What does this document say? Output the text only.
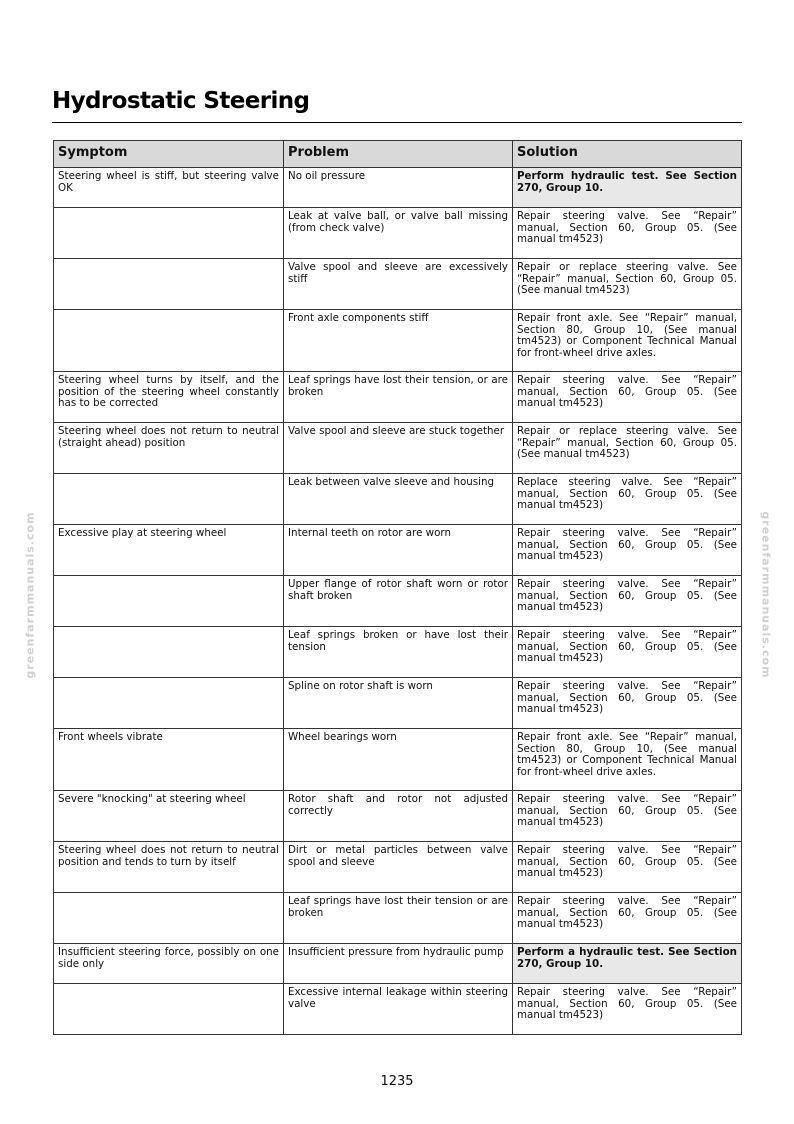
Hydrostatic Steering
greenfarmmanuals.com	greenfarmmanuals.com
Symptom	Problem	Solution
Steering wheel is stiff, but steering valve OK	No oil pressure	Perform hydraulic test. See Section 270, Group 10.
	Leak at valve ball, or valve ball missing (from check valve)	Repair steering valve. See “Repair” manual, Section 60, Group 05. (See manual tm4523)
	Valve spool and sleeve are excessively stiff	Repair or replace steering valve. See “Repair” manual, Section 60, Group 05. (See manual tm4523)
	Front axle components stiff	Repair front axle. See “Repair” manual, Section 80, Group 10, (See manual tm4523) or Component Technical Manual for front-wheel drive axles.
Steering wheel turns by itself, and the position of the steering wheel constantly has to be corrected	Leaf springs have lost their tension, or are broken	Repair steering valve. See “Repair” manual, Section 60, Group 05. (See manual tm4523)
Steering wheel does not return to neutral (straight ahead) position	Valve spool and sleeve are stuck together	Repair or replace steering valve. See “Repair” manual, Section 60, Group 05. (See manual tm4523)
	Leak between valve sleeve and housing	Replace steering valve. See “Repair” manual, Section 60, Group 05. (See manual tm4523)
Excessive play at steering wheel	Internal teeth on rotor are worn	Repair steering valve. See “Repair” manual, Section 60, Group 05. (See manual tm4523)
	Upper flange of rotor shaft worn or rotor shaft broken	Repair steering valve. See “Repair” manual, Section 60, Group 05. (See manual tm4523)
	Leaf springs broken or have lost their tension	Repair steering valve. See “Repair” manual, Section 60, Group 05. (See manual tm4523)
	Spline on rotor shaft is worn	Repair steering valve. See “Repair” manual, Section 60, Group 05. (See manual tm4523)
Front wheels vibrate	Wheel bearings worn	Repair front axle. See “Repair” manual, Section 80, Group 10, (See manual tm4523) or Component Technical Manual for front-wheel drive axles.
Severe "knocking" at steering wheel	Rotor shaft and rotor not adjusted correctly	Repair steering valve. See “Repair” manual, Section 60, Group 05. (See manual tm4523)
Steering wheel does not return to neutral position and tends to turn by itself	Dirt or metal particles between valve spool and sleeve	Repair steering valve. See “Repair” manual, Section 60, Group 05. (See manual tm4523)
	Leaf springs have lost their tension or are broken	Repair steering valve. See “Repair” manual, Section 60, Group 05. (See manual tm4523)
Insufficient steering force, possibly on one side only	Insufficient pressure from hydraulic pump	Perform a hydraulic test. See Section 270, Group 10.
	Excessive internal leakage within steering valve	Repair steering valve. See “Repair” manual, Section 60, Group 05. (See manual tm4523)
1235
